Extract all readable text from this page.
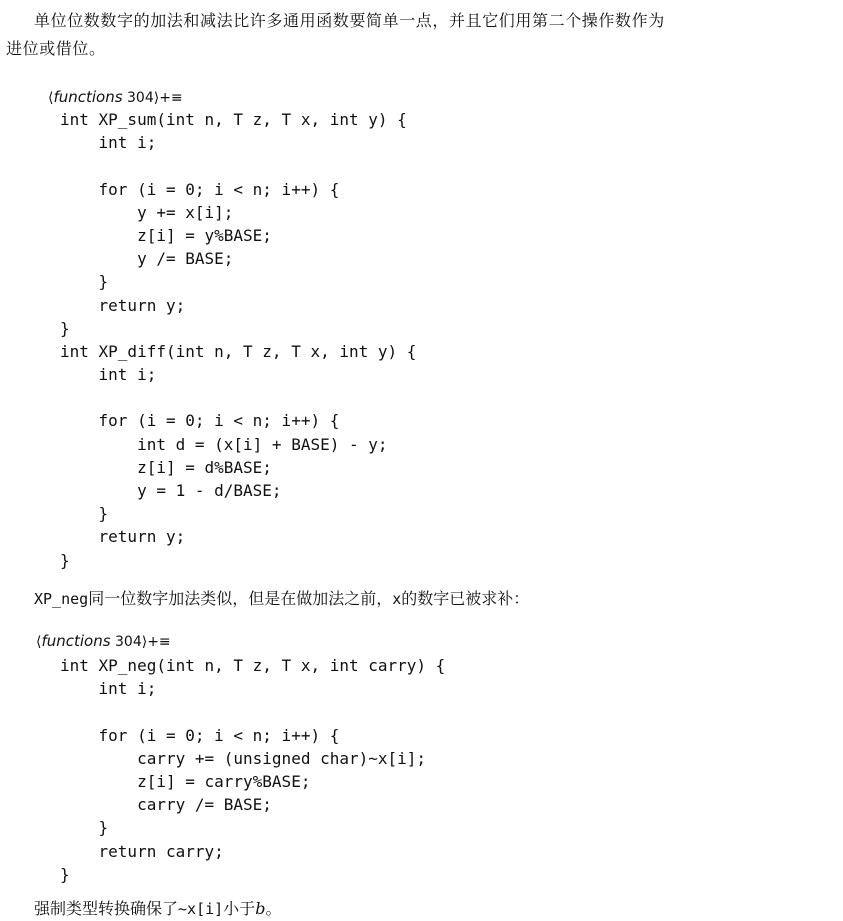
单位位数数字的加法和减法比许多通用函数要简单一点，并且它们用第二个操作数作为

进位或借位。

⟨functions 304⟩+≡
int XP_sum(int n, T z, T x, int y) {
int i;
for (i = 0; i < n; i++) {
y += x[i];
z[i] = y%BASE;
y /= BASE;
}
return y;
}
int XP_diff(int n, T z, T x, int y) {
int i;
for (i = 0; i < n; i++) {
int d = (x[i] + BASE) - y;
z[i] = d%BASE;
y = 1 - d/BASE;
}
return y;
}

XP_neg同一位数字加法类似，但是在做加法之前，x的数字已被求补：

⟨functions 304⟩+≡
int XP_neg(int n, T z, T x, int carry) {
int i;
for (i = 0; i < n; i++) {
carry += (unsigned char)~x[i];
z[i] = carry%BASE;
carry /= BASE;
}
return carry;
}

强制类型转换确保了~x[i]小于b。
